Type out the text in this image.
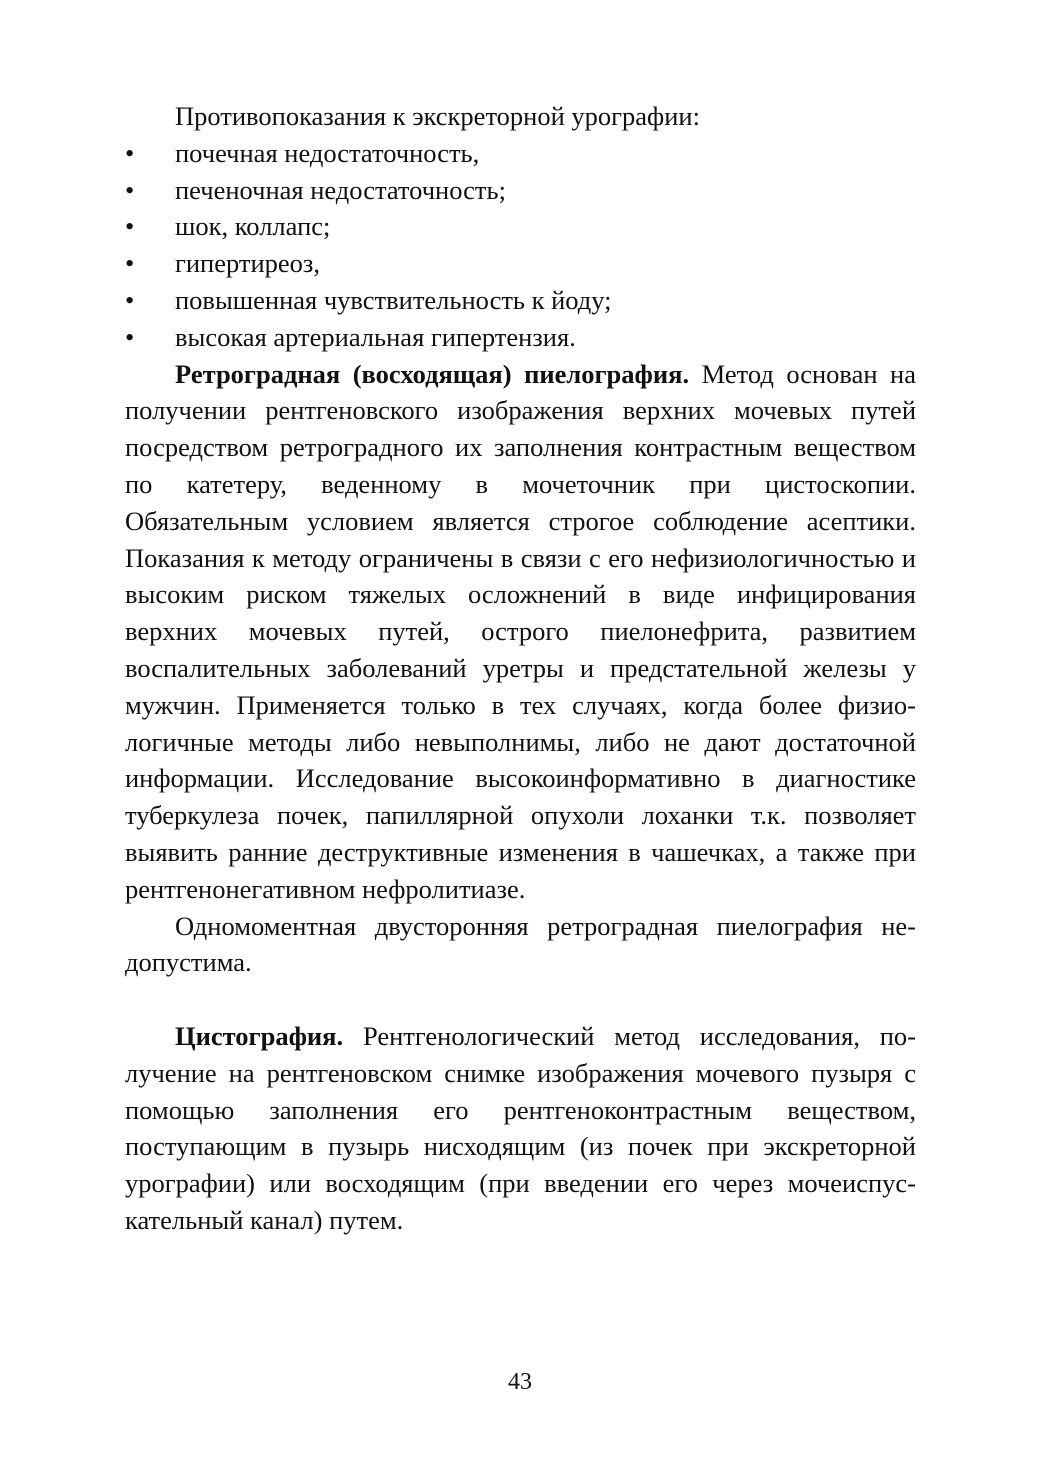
Противопоказания к экскреторной урографии:

•	почечная недостаточность,
•	печеночная недостаточность;
•	шок, коллапс;
•	гипертиреоз,
•	повышенная чувствительность к йоду;
•	высокая артериальная гипертензия.

Ретроградная (восходящая) пиелография. Метод основан на получении рентгеновского изображения верхних мочевых путей посредством ретроградного их заполнения контрастным веществом по катетеру, веденному в мочеточник при цистоскопии. Обязательным условием является строгое соблюдение асептики. Показания к методу ограничены в связи с его нефизиологичностью и высоким риском тяжелых осложнений в виде инфицирования верхних мочевых путей, острого пиелонефрита, развитием воспалительных заболеваний уретры и предстательной железы у мужчин. Применяется только в тех случаях, когда более физиологичные методы либо невыполнимы, либо не дают достаточной информации. Исследование высокоинформативно в диагностике туберкулеза почек, папиллярной опухоли лоханки т.к. позволяет выявить ранние деструктивные изменения в чашечках, а также при рентгенонегативном нефролитиазе.

Одномоментная двусторонняя ретроградная пиелография недопустима.

Цистография. Рентгенологический метод исследования, получение на рентгеновском снимке изображения мочевого пузыря с помощью заполнения его рентгеноконтрастным веществом, поступающим в пузырь нисходящим (из почек при экскреторной урографии) или восходящим (при введении его через мочеиспускательный канал) путем.

43
